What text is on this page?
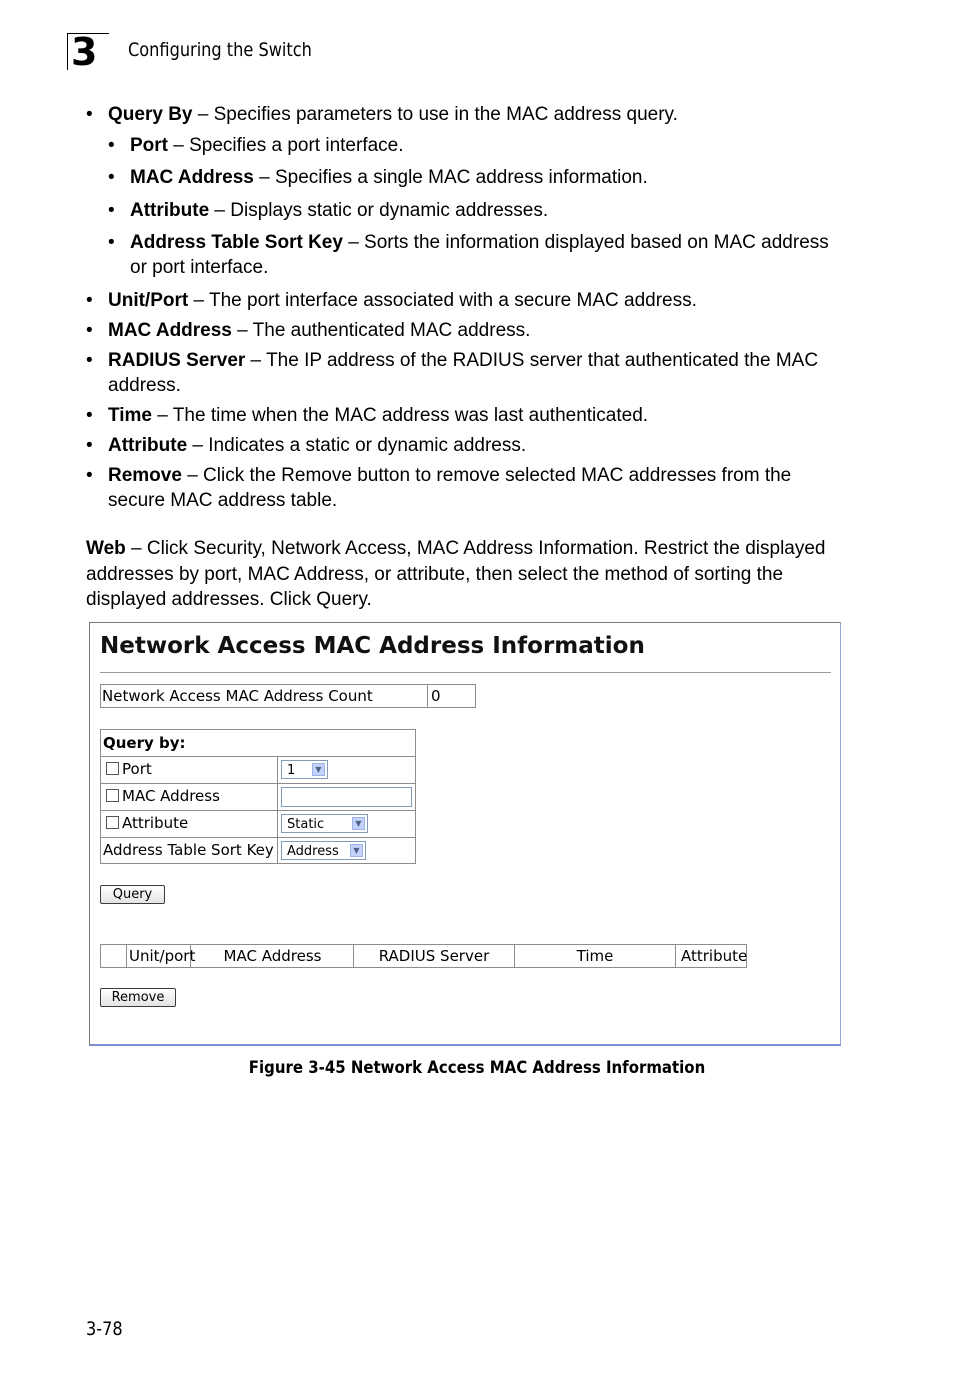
3	Configuring the Switch
• Query By – Specifies parameters to use in the MAC address query.
• Port – Specifies a port interface.
• MAC Address – Specifies a single MAC address information.
• Attribute – Displays static or dynamic addresses.
• Address Table Sort Key – Sorts the information displayed based on MAC address or port interface.
• Unit/Port – The port interface associated with a secure MAC address.
• MAC Address – The authenticated MAC address.
• RADIUS Server – The IP address of the RADIUS server that authenticated the MAC address.
• Time – The time when the MAC address was last authenticated.
• Attribute – Indicates a static or dynamic address.
• Remove – Click the Remove button to remove selected MAC addresses from the secure MAC address table.

Web – Click Security, Network Access, MAC Address Information. Restrict the displayed addresses by port, MAC Address, or attribute, then select the method of sorting the displayed addresses. Click Query.

Network Access MAC Address Information
Network Access MAC Address Count	0
Query by:
Port	1	▼
MAC Address
Attribute	Static	▼
Address Table Sort Key	Address	▼
Query
Unit/port	MAC Address	RADIUS Server	Time	Attribute
Remove
Figure 3-45 Network Access MAC Address Information
3-78
